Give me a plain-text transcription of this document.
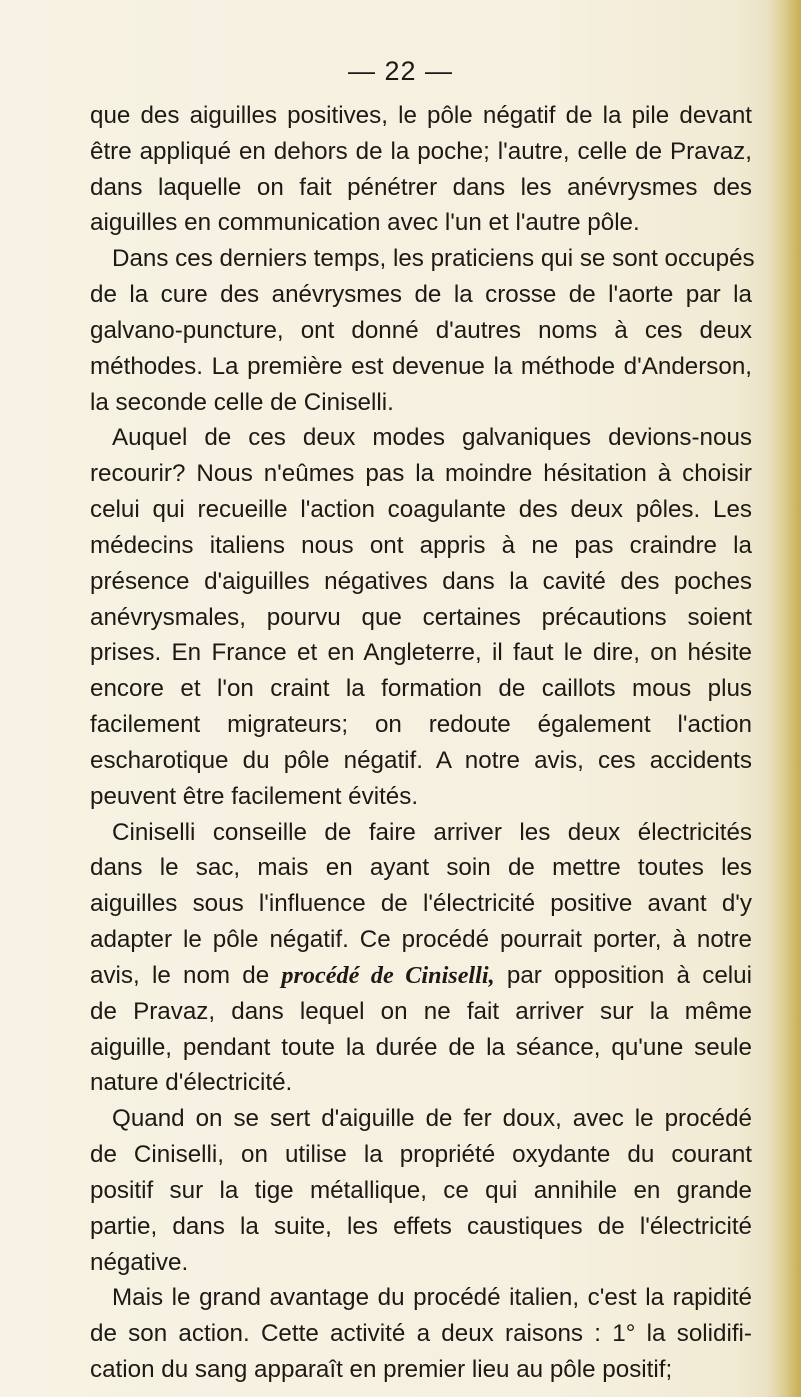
— 22 —
que des aiguilles positives, le pôle négatif de la pile devant
être appliqué en dehors de la poche; l'autre, celle de Pravaz,
dans laquelle on fait pénétrer dans les anévrysmes des
aiguilles en communication avec l'un et l'autre pôle.
Dans ces derniers temps, les praticiens qui se sont occupés
de la cure des anévrysmes de la crosse de l'aorte par la
galvano-puncture, ont donné d'autres noms à ces deux
méthodes. La première est devenue la méthode d'Anderson,
la seconde celle de Ciniselli.
Auquel de ces deux modes galvaniques devions-nous
recourir? Nous n'eûmes pas la moindre hésitation à choisir
celui qui recueille l'action coagulante des deux pôles. Les
médecins italiens nous ont appris à ne pas craindre la
présence d'aiguilles négatives dans la cavité des poches
anévrysmales, pourvu que certaines précautions soient
prises. En France et en Angleterre, il faut le dire, on hésite
encore et l'on craint la formation de caillots mous plus
facilement migrateurs; on redoute également l'action
escharotique du pôle négatif. A notre avis, ces accidents
peuvent être facilement évités.
Ciniselli conseille de faire arriver les deux électricités
dans le sac, mais en ayant soin de mettre toutes les
aiguilles sous l'influence de l'électricité positive avant d'y
adapter le pôle négatif. Ce procédé pourrait porter, à notre
avis, le nom de procédé de Ciniselli, par opposition à celui
de Pravaz, dans lequel on ne fait arriver sur la même
aiguille, pendant toute la durée de la séance, qu'une seule
nature d'électricité.
Quand on se sert d'aiguille de fer doux, avec le procédé
de Ciniselli, on utilise la propriété oxydante du courant
positif sur la tige métallique, ce qui annihile en grande
partie, dans la suite, les effets caustiques de l'électricité
négative.
Mais le grand avantage du procédé italien, c'est la rapidité
de son action. Cette activité a deux raisons : 1° la solidifi-
cation du sang apparaît en premier lieu au pôle positif;
